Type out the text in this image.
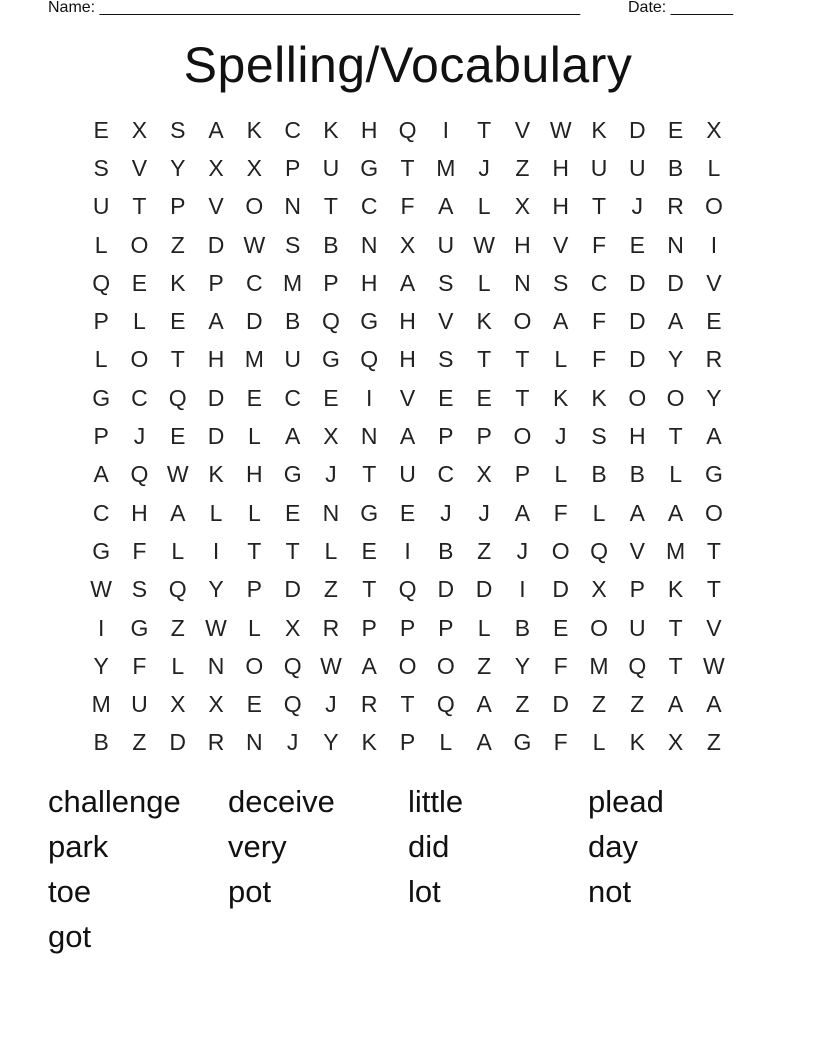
Name: ______________________________________________________	Date: _______
Spelling/Vocabulary
E X S A K C K H Q	I	T	V W K D E X
S V Y X X P U G T M J	Z H U U B	L
U T	P V O N T C F	A	L	X H T	J	R O
L O Z D W S B N X U W H V	F	E N	I
Q E K P C M P H A S	L	N S C D D V
P	L	E A D B Q G H V K O A	F D A E
L O T H M U G Q H S	T	T	L	F D Y R
G C Q D E C E	I	V E E	T	K K O O Y
P	J	E D	L	A X N A P P O	J	S H T	A
A Q W K H G	J	T U C X P	L	B B	L G
C H A	L	L	E N G E	J	J	A	F	L	A A O
G F	L	I	T	T	L	E	I	B	Z	J	O Q V M T
W S Q Y P D Z	T Q D D	I	D X P K	T
I	G Z W L	X R P P P	L	B E O U T	V
Y	F	L	N O Q W A O O Z	Y	F M Q T W
M U X X E Q	J	R T Q A	Z D Z	Z	A A
B	Z D R N	J	Y K P	L	A G F	L	K X	Z
challenge	deceive	little	plead
park	very	did	day
toe	pot	lot	not
got
